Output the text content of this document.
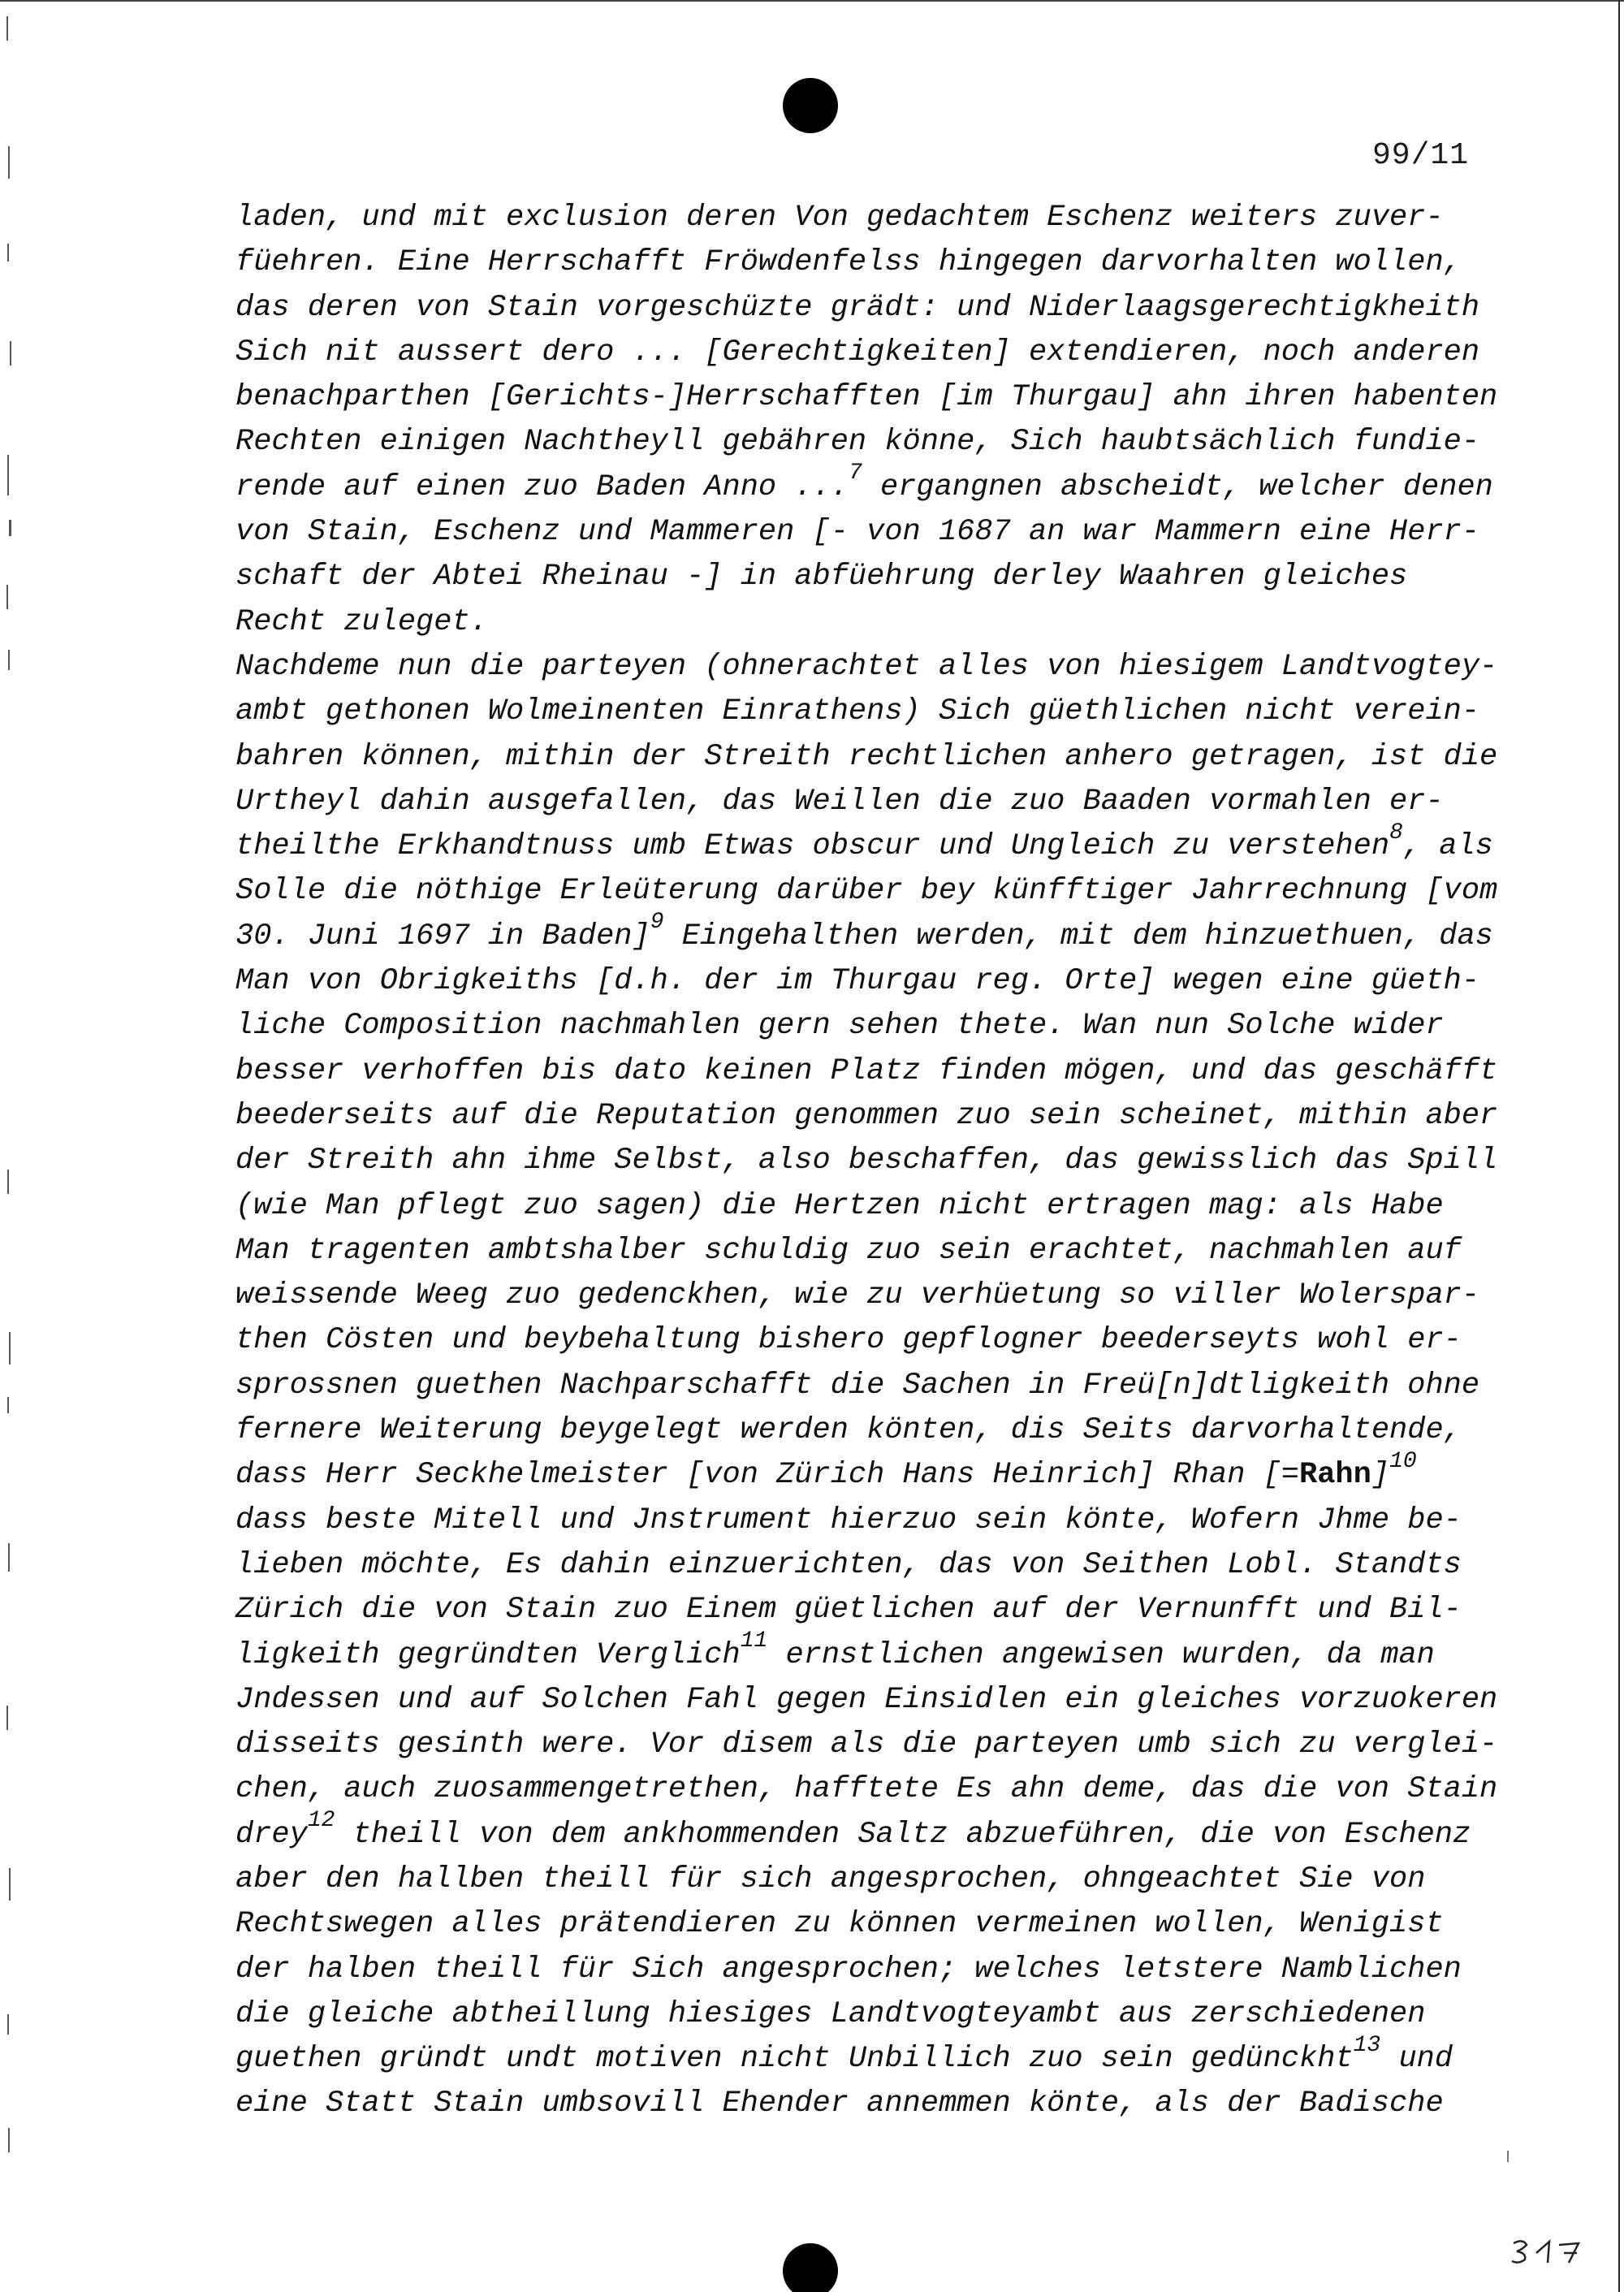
99/11
laden, und mit exclusion deren Von gedachtem Eschenz weiters zuver-
füehren. Eine Herrschafft Fröwdenfelss hingegen darvorhalten wollen,
das deren von Stain vorgeschüzte grädt: und Niderlaagsgerechtigkheith
Sich nit aussert dero ... [Gerechtigkeiten] extendieren, noch anderen
benachparthen [Gerichts-]Herrschafften [im Thurgau] ahn ihren habenten
Rechten einigen Nachtheyll gebähren könne, Sich haubtsächlich fundie-
rende auf einen zuo Baden Anno ...$^7$ ergangnen abscheidt, welcher denen
von Stain, Eschenz und Mammeren [- von 1687 an war Mammern eine Herr-
schaft der Abtei Rheinau -] in abfüehrung derley Waahren gleiches
Recht zuleget.
Nachdeme nun die parteyen (ohnerachtet alles von hiesigem Landtvogtey-
ambt gethonen Wolmeinenten Einrathens) Sich güethlichen nicht verein-
bahren können, mithin der Streith rechtlichen anhero getragen, ist die
Urtheyl dahin ausgefallen, das Weillen die zuo Baaden vormahlen er-
theilthe Erkhandtnuss umb Etwas obscur und Ungleich zu verstehen$^8$, als
Solle die nöthige Erleüterung darüber bey künfftiger Jahrrechnung [vom
30. Juni 1697 in Baden]$^9$ Eingehalthen werden, mit dem hinzuethuen, das
Man von Obrigkeiths [d.h. der im Thurgau reg. Orte] wegen eine güeth-
liche Composition nachmahlen gern sehen thete. Wan nun Solche wider
besser verhoffen bis dato keinen Platz finden mögen, und das geschäfft
beederseits auf die Reputation genommen zuo sein scheinet, mithin aber
der Streith ahn ihme Selbst, also beschaffen, das gewisslich das Spill
(wie Man pflegt zuo sagen) die Hertzen nicht ertragen mag: als Habe
Man tragenten ambtshalber schuldig zuo sein erachtet, nachmahlen auf
weissende Weeg zuo gedenckhen, wie zu verhüetung so viller Wolerspar-
then Cösten und beybehaltung bishero gepflogner beederseyts wohl er-
sprossnen guethen Nachparschafft die Sachen in Freü[n]dtligkeith ohne
fernere Weiterung beygelegt werden könten, dis Seits darvorhaltende,
dass Herr Seckhelmeister [von Zürich Hans Heinrich] Rhan [=Rahn]$^{10}$
dass beste Mitell und Jnstrument hierzuo sein könte, Wofern Jhme be-
lieben möchte, Es dahin einzuerichten, das von Seithen Lobl. Standts
Zürich die von Stain zuo Einem güetlichen auf der Vernunfft und Bil-
ligkeith gegründten Verglich$^{11}$ ernstlichen angewisen wurden, da man
Jndessen und auf Solchen Fahl gegen Einsidlen ein gleiches vorzuokeren
disseits gesinth were. Vor disem als die parteyen umb sich zu verglei-
chen, auch zuosammengetrethen, hafftete Es ahn deme, das die von Stain
drey$^{12}$ theill von dem ankhommenden Saltz abzueführen, die von Eschenz
aber den hallben theill für sich angesprochen, ohngeachtet Sie von
Rechtswegen alles prätendieren zu können vermeinen wollen, Wenigist
der halben theill für Sich angesprochen; welches letstere Namblichen
die gleiche abtheillung hiesiges Landtvogteyambt aus zerschiedenen
guethen gründt undt motiven nicht Unbillich zuo sein gedünckht$^{13}$ und
eine Statt Stain umbsovill Ehender annemmen könte, als der Badische
